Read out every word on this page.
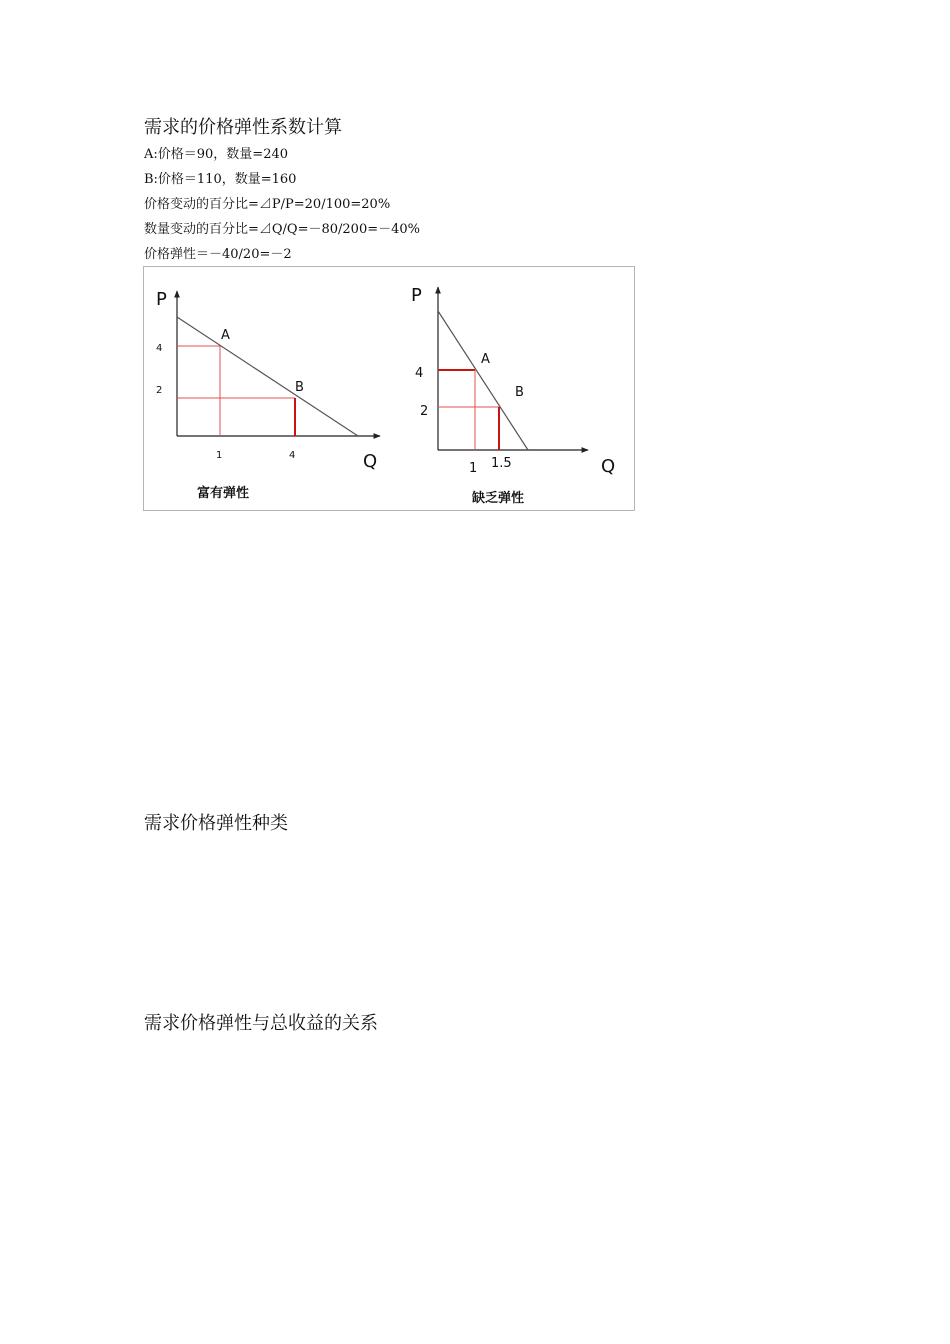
需求的价格弹性系数计算
A:价格＝90，数量=240
B:价格＝110，数量=160
价格变动的百分比=⊿P/P=20/100=20%
数量变动的百分比=⊿Q/Q=－80/200=－40%
价格弹性＝－40/20=－2
P
Q
A
B
4
2
1	4
富有弹性
P
Q
A
B
4
2
1 1.5
缺乏弹性
需求价格弹性种类
需求价格弹性与总收益的关系
